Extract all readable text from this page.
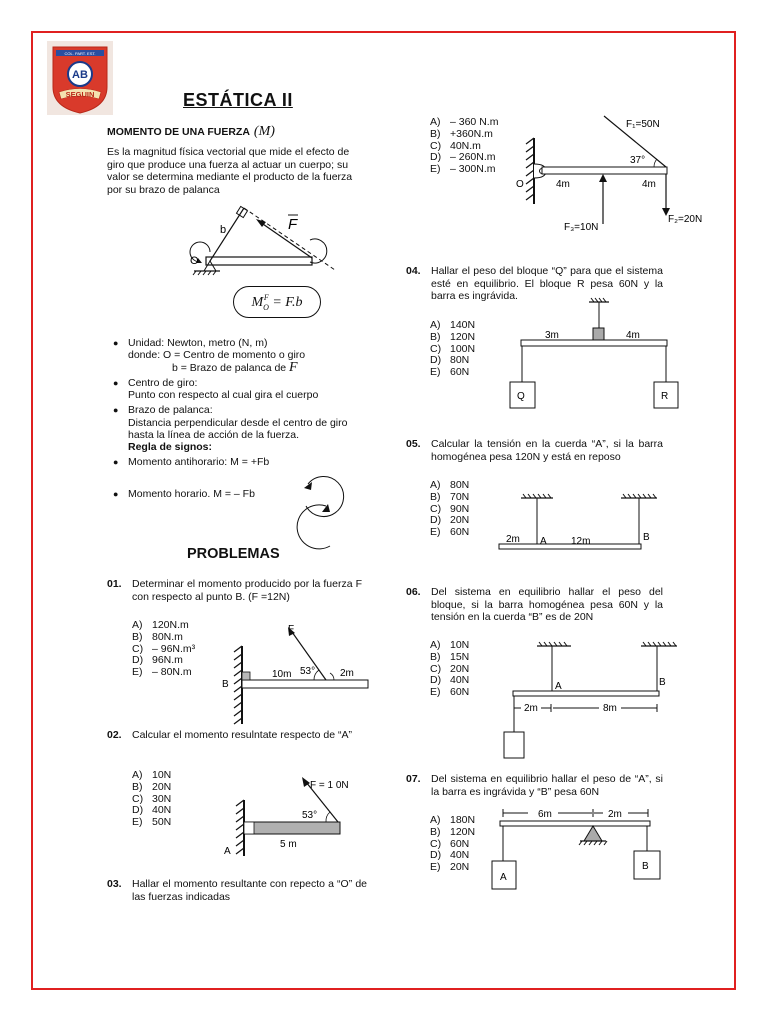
COL. PART. EST.
AB
SEGUIN	ESTÁTICA II
MOMENTO DE UNA FUERZA (M)
Es la magnitud física vectorial que mide el efecto de giro que produce una fuerza al actuar un cuerpo; su valor se determina mediante el producto de la fuerza por su brazo de palanca
b	F
O
$M_O^F = F.b$
● Unidad: Newton, metro (N, m)
donde: O = Centro de momento o giro
b = Brazo de palanca de F
● Centro de giro:
Punto con respecto al cual gira el cuerpo
● Brazo de palanca:
Distancia perpendicular desde el centro de giro hasta la línea de acción de la fuerza.
Regla de signos:
● Momento antihorario: M = +Fb
● Momento horario. M = – Fb
PROBLEMAS
01. Determinar el momento producido por la fuerza F con respecto al punto B. (F =12N)
A) 120N.m
B) 80N.m
C) – 96N.m³
D) 96N.m
E) – 80N.m
F
B
10m 53° 2m
02. Calcular el momento resulntate respecto de “A”
A) 10N
B) 20N
C) 30N
D) 40N
E) 50N
F = 1 0N
53°
5 m
A
03. Hallar el momento resultante con repecto a “O” de las fuerzas indicadas
A) – 360 N.m
B) +360N.m
C) 40N.m
D) – 260N.m
E) – 300N.m
F₁=50N
37°
O	4m	4m
F₃=10N
F₂=20N
04. Hallar el peso del bloque “Q” para que el sistema esté en equilibrio. El bloque R pesa 60N y la barra es ingrávida.
A) 140N
B) 120N
C) 100N
D) 80N
E) 60N
3m	4m
Q	R
05. Calcular la tensión en la cuerda “A”, si la barra homogénea pesa 120N y está en reposo
A) 80N
B) 70N
C) 90N
D) 20N
E) 60N
2m A 12m	B
06. Del sistema en equilibrio hallar el peso del bloque, si la barra homogénea pesa 60N y la tensión en la cuerda “B” es de 20N
A) 10N
B) 15N
C) 20N
D) 40N
E) 60N	A	B
2m	8m
07. Del sistema en equilibrio hallar el peso de “A”, si la barra es ingrávida y “B” pesa 60N
A) 180N
B) 120N
C) 60N
D) 40N
E) 20N
6m	2m
A
B
